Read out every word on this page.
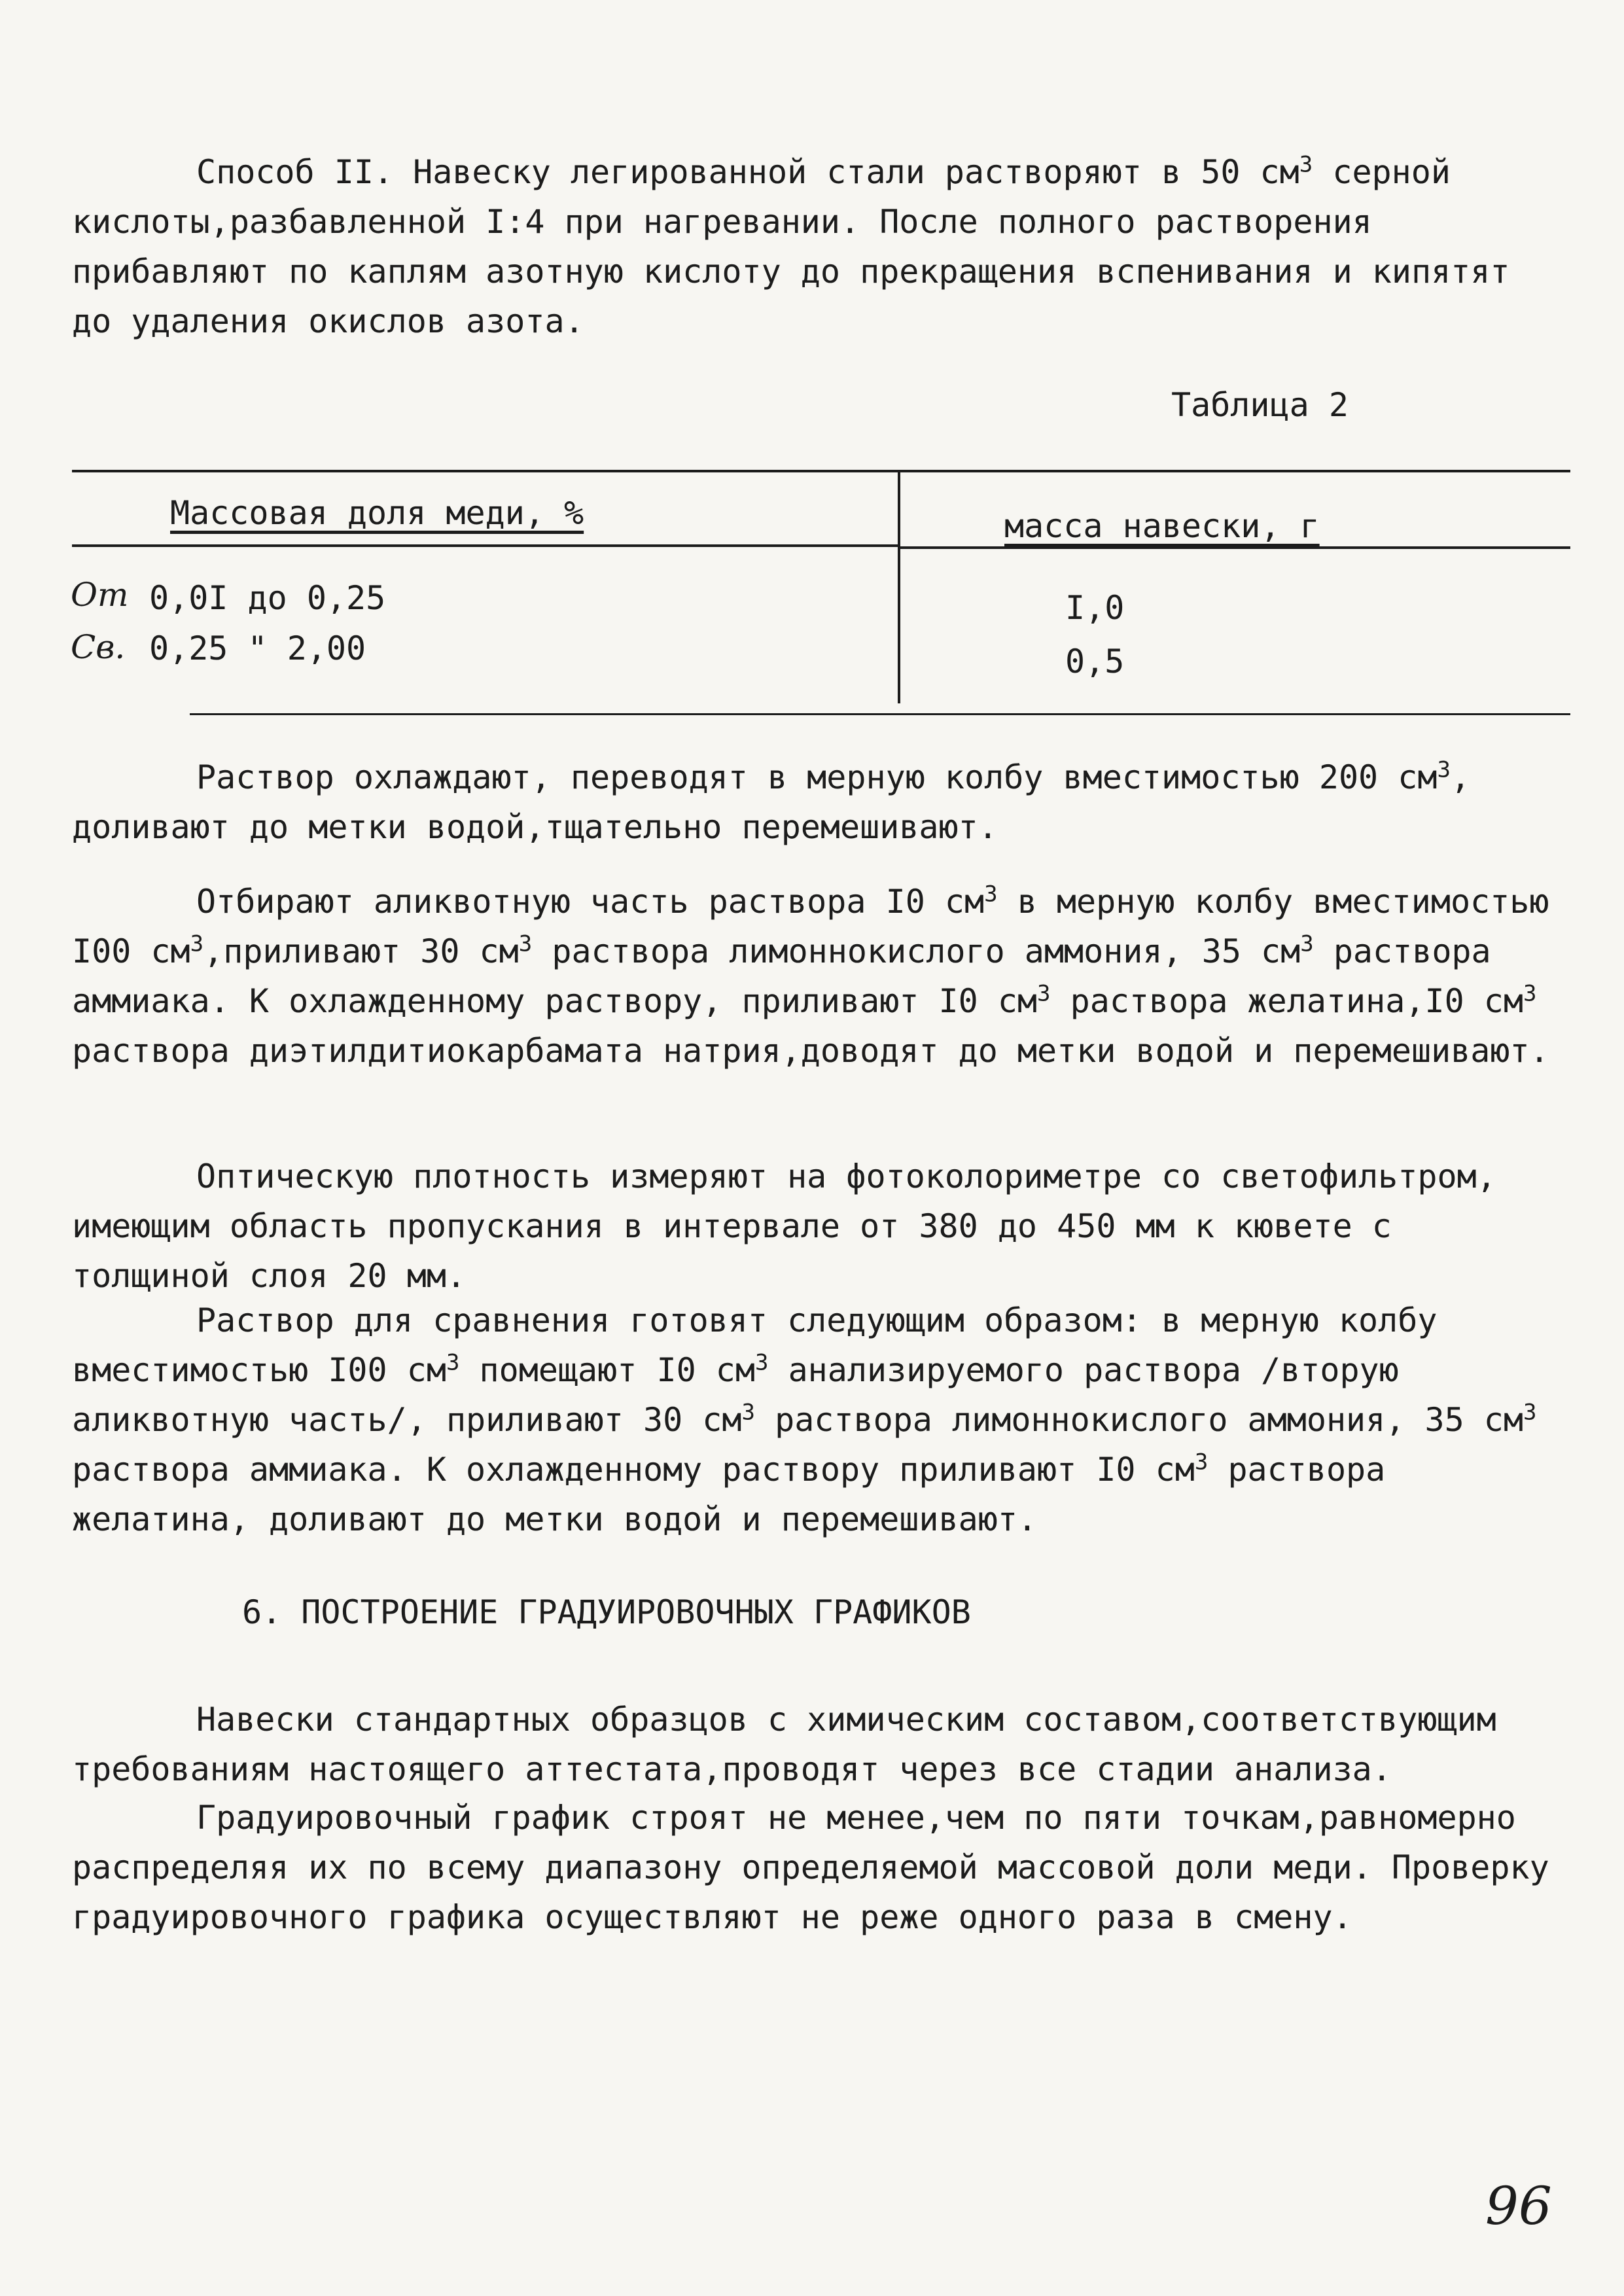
Способ II. Навеску легированной стали растворяют в 50 $см^3$ серной кислоты,разбавленной I:4 при нагревании. После полного растворения прибавляют по каплям азотную кислоту до прекращения вспенивания и кипятят до удаления окислов азота.

Таблица 2
Массовая доля меди, %	масса навески, г
От 0,0I до 0,25	I,0
Св. 0,25 " 2,00	0,5

Раствор охлаждают, переводят в мерную колбу вместимостью 200 $см^3$, доливают до метки водой,тщательно перемешивают.

Отбирают аликвотную часть раствора I0 $см^3$ в мерную колбу вместимостью I00 $см^3,приливают$ 30 $см^3$ раствора лимоннокислого аммония, 35 $см^3$ раствора аммиака. К охлажденному раствору, приливают I0 $см^3$ раствора желатина,I0 $см^3$ раствора диэтилдитиокарбамата натрия,доводят до метки водой и перемешивают.

Оптическую плотность измеряют на фотоколориметре со светофильтром, имеющим область пропускания в интервале от 380 до 450 мм к кювете с толщиной слоя 20 мм.

Раствор для сравнения готовят следующим образом: в мерную колбу вместимостью I00 $см^3$ помещают I0 $см^3$ анализируемого раствора /вторую аликвотную часть/, приливают 30 $см^3$ раствора лимоннокислого аммония, 35 $см^3$ раствора аммиака. К охлажденному раствору приливают I0 $см^3$ раствора желатина, доливают до метки водой и перемешивают.

6. ПОСТРОЕНИЕ ГРАДУИРОВОЧНЫХ ГРАФИКОВ

Навески стандартных образцов с химическим составом,соответствующим требованиям настоящего аттестата,проводят через все стадии анализа.

Градуировочный график строят не менее,чем по пяти точкам,равномерно распределяя их по всему диапазону определяемой массовой доли меди. Проверку градуировочного графика осуществляют не реже одного раза в смену.

96
